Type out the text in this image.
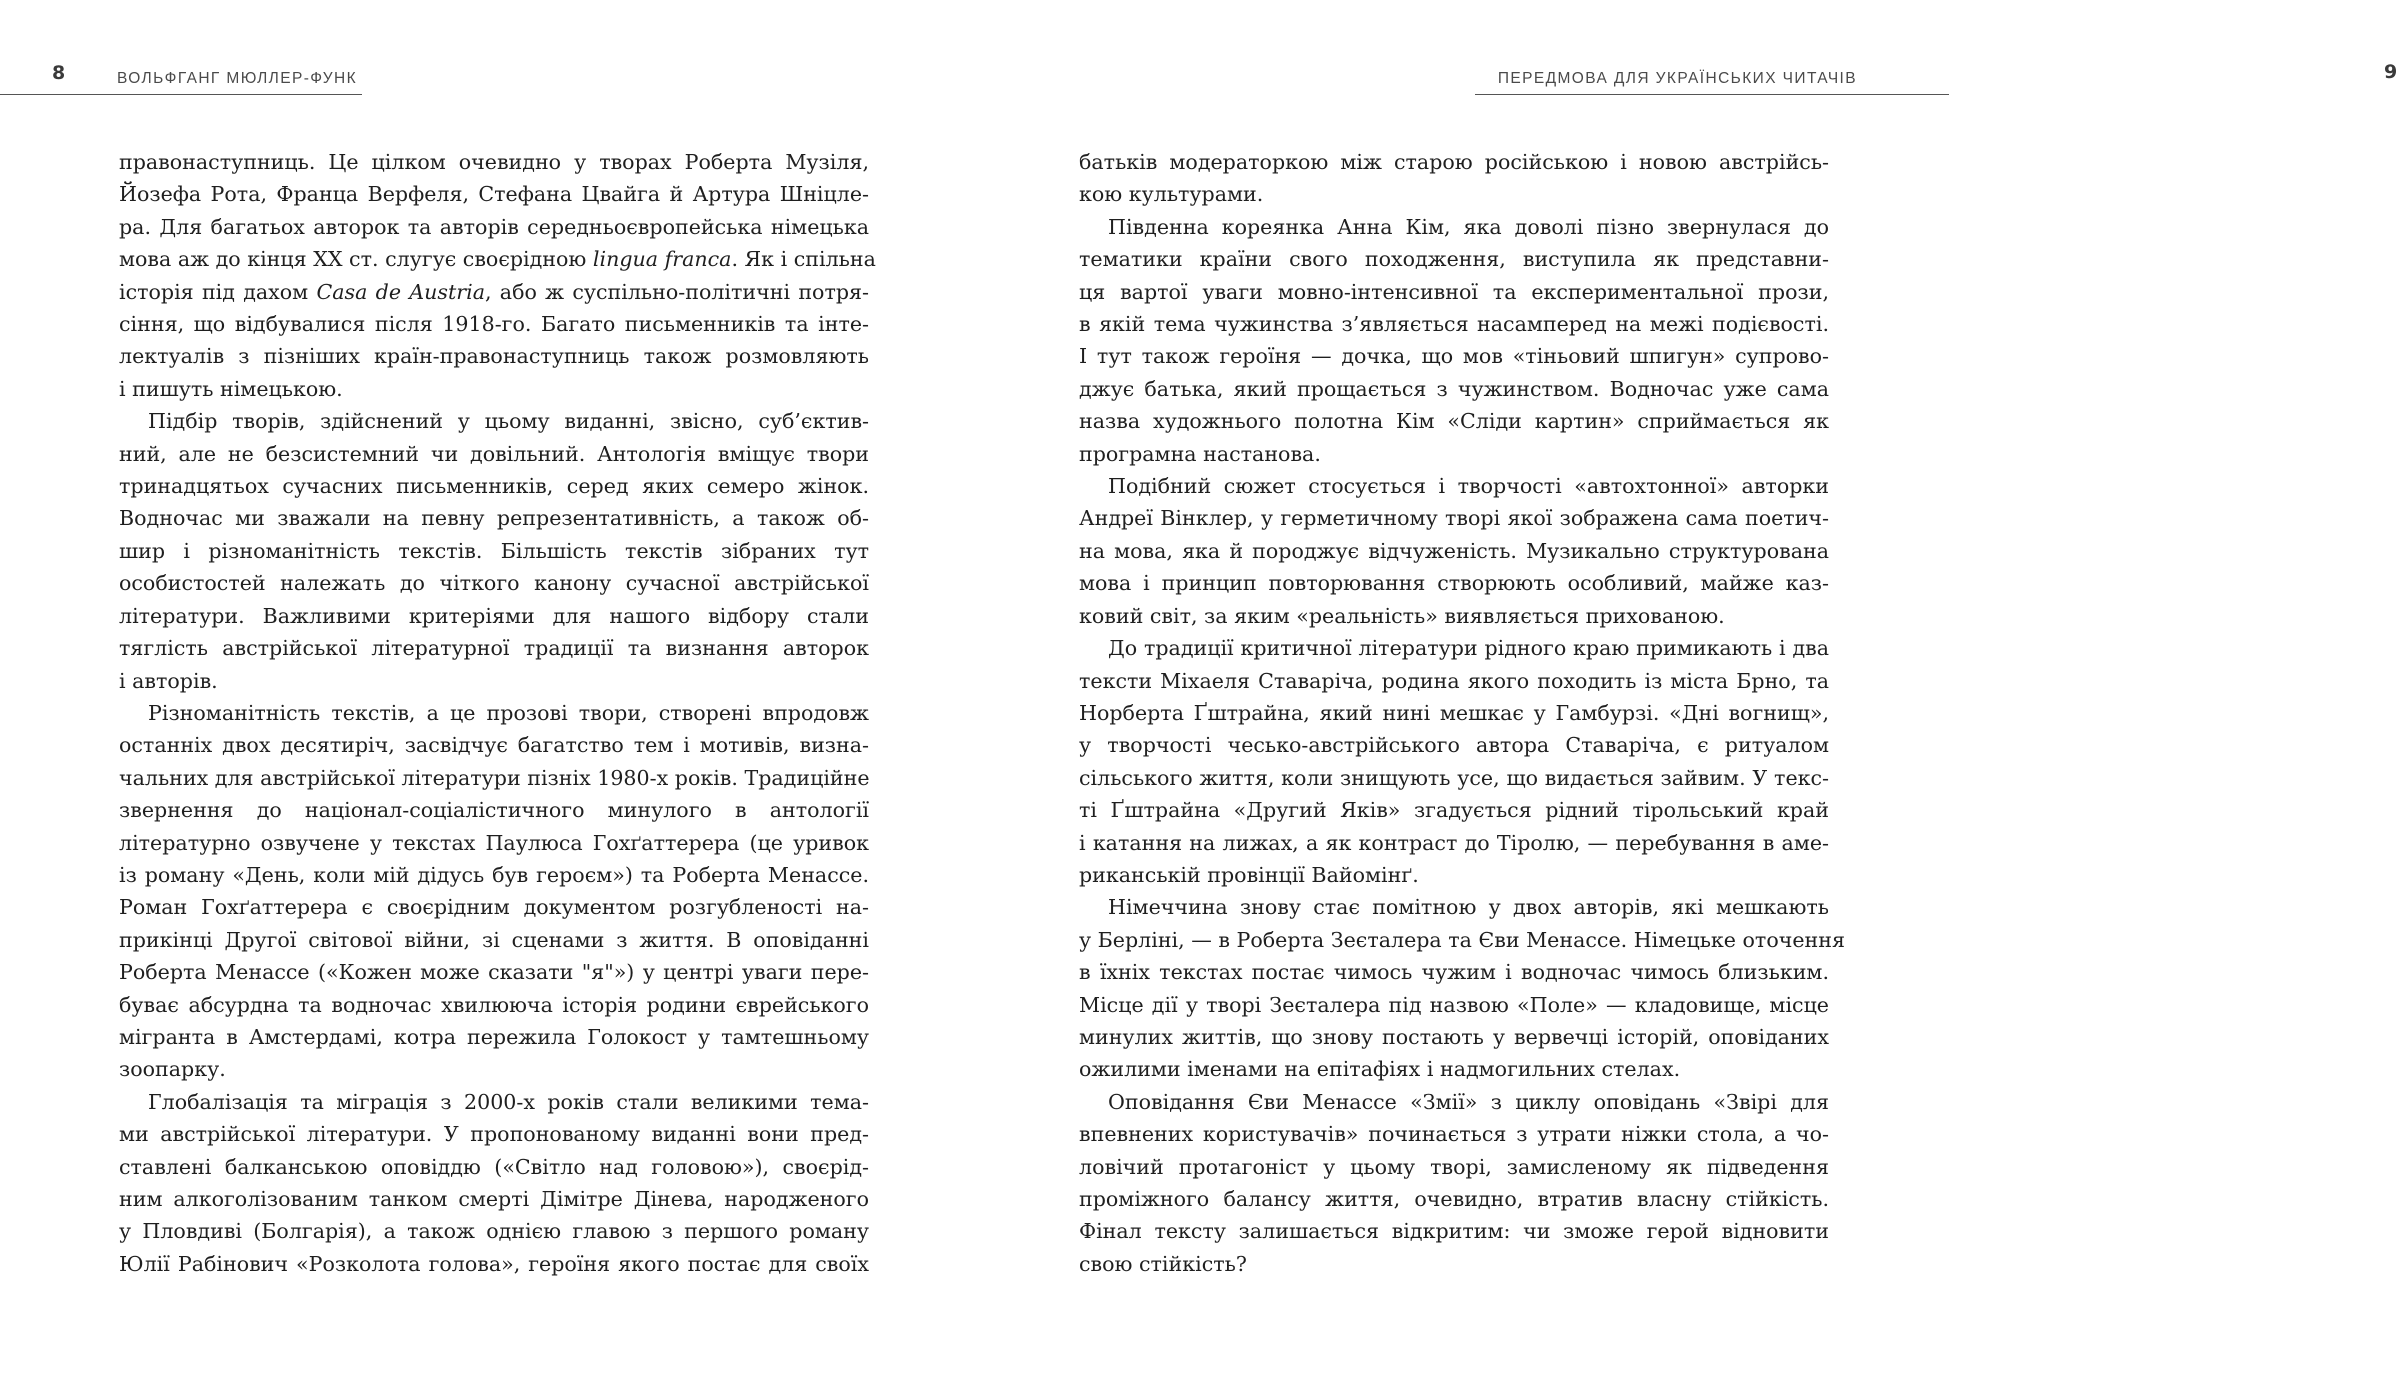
8	ВОЛЬФГАНГ МЮЛЛЕР-ФУНК

правонаступниць. Це цілком очевидно у творах Роберта Музіля,
Йозефа Рота, Франца Верфеля, Стефана Цвайга й Артура Шніцле-
ра. Для багатьох авторок та авторів середньоєвропейська німецька
мова аж до кінця XX ст. слугує своєрідною lingua franca. Як і спільна
історія під дахом Casa de Austria, або ж суспільно-політичні потря-
сіння, що відбувалися після 1918-го. Багато письменників та інте-
лектуалів з пізніших країн-правонаступниць також розмовляють
і пишуть німецькою.

Підбір творів, здійснений у цьому виданні, звісно, суб’єктив-
ний, але не безсистемний чи довільний. Антологія вміщує твори
тринадцятьох сучасних письменників, серед яких семеро жінок.
Водночас ми зважали на певну репрезентативність, а також об-
шир і різноманітність текстів. Більшість текстів зібраних тут
особистостей належать до чіткого канону сучасної австрійської
літератури. Важливими критеріями для нашого відбору стали
тяглість австрійської літературної традиції та визнання авторок
і авторів.

Різноманітність текстів, а це прозові твори, створені впродовж
останніх двох десятиріч, засвідчує багатство тем і мотивів, визна-
чальних для австрійської літератури пізніх 1980-х років. Традиційне
звернення до націонал-соціалістичного минулого в антології
літературно озвучене у текстах Паулюса Гохґаттерера (це уривок
із роману «День, коли мій дідусь був героєм») та Роберта Менассе.
Роман Гохґаттерера є своєрідним документом розгубленості на-
прикінці Другої світової війни, зі сценами з життя. В оповіданні
Роберта Менассе («Кожен може сказати "я"») у центрі уваги пере-
буває абсурдна та водночас хвилююча історія родини єврейського
мігранта в Амстердамі, котра пережила Голокост у тамтешньому
зоопарку.

Глобалізація та міграція з 2000-х років стали великими тема-
ми австрійської літератури. У пропонованому виданні вони пред-
ставлені балканською оповіддю («Світло над головою»), своєрід-
ним алкоголізованим танком смерті Дімітре Дінева, народженого
у Пловдиві (Болгарія), а також однією главою з першого роману
Юлії Рабінович «Розколота голова», героїня якого постає для своїх

ПЕРЕДМОВА ДЛЯ УКРАЇНСЬКИХ ЧИТАЧІВ	9

батьків модераторкою між старою російською і новою австрійсь-
кою культурами.

Південна кореянка Анна Кім, яка доволі пізно звернулася до
тематики країни свого походження, виступила як представни-
ця вартої уваги мовно-інтенсивної та експериментальної прози,
в якій тема чужинства з’являється насамперед на межі подієвості.
І тут також героїня — дочка, що мов «тіньовий шпигун» супрово-
джує батька, який прощається з чужинством. Водночас уже сама
назва художнього полотна Кім «Сліди картин» сприймається як
програмна настанова.

Подібний сюжет стосується і творчості «автохтонної» авторки
Андреї Вінклер, у герметичному творі якої зображена сама поетич-
на мова, яка й породжує відчуженість. Музикально структурована
мова і принцип повторювання створюють особливий, майже каз-
ковий світ, за яким «реальність» виявляється прихованою.

До традиції критичної літератури рідного краю примикають і два
тексти Міхаеля Ставаріча, родина якого походить із міста Брно, та
Норберта Ґштрайна, який нині мешкає у Гамбурзі. «Дні вогнищ»,
у творчості чесько-австрійського автора Ставаріча, є ритуалом
сільського життя, коли знищують усе, що видається зайвим. У текс-
ті Ґштрайна «Другий Яків» згадується рідний тірольський край
і катання на лижах, а як контраст до Тіролю, — перебування в аме-
риканській провінції Вайомінґ.

Німеччина знову стає помітною у двох авторів, які мешкають
у Берліні, — в Роберта Зеєталера та Єви Менассе. Німецьке оточення
в їхніх текстах постає чимось чужим і водночас чимось близьким.
Місце дії у творі Зеєталера під назвою «Поле» — кладовище, місце
минулих життів, що знову постають у вервечці історій, оповіданих
ожилими іменами на епітафіях і надмогильних стелах.

Оповідання Єви Менассе «Змії» з циклу оповідань «Звірі для
впевнених користувачів» починається з утрати ніжки стола, а чо-
ловічий протагоніст у цьому творі, замисленому як підведення
проміжного балансу життя, очевидно, втратив власну стійкість.
Фінал тексту залишається відкритим: чи зможе герой відновити
свою стійкість?
